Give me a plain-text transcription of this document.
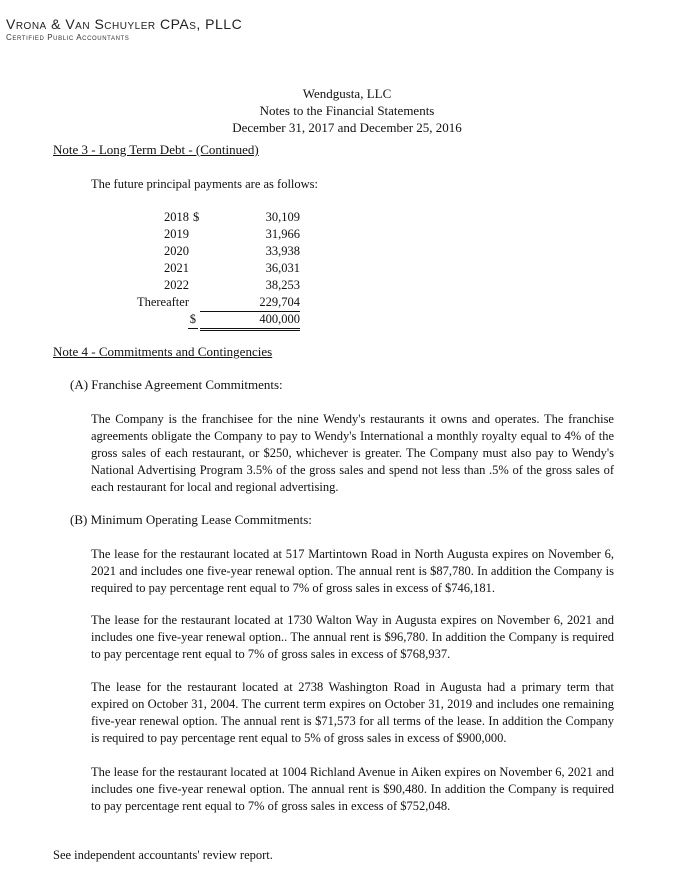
Vrona & Van Schuyler CPAs, PLLC
Certified Public Accountants
Wendgusta, LLC
Notes to the Financial Statements
December 31, 2017 and December 25, 2016
Note 3 - Long Term Debt - (Continued)
The future principal payments are as follows:
2018 $	30,109
2019	31,966
2020	33,938
2021	36,031
2022	38,253
Thereafter	229,704
$	400,000
Note 4 - Commitments and Contingencies
(A) Franchise Agreement Commitments:
The Company is the franchisee for the nine Wendy's restaurants it owns and operates. The franchise agreements obligate the Company to pay to Wendy's International a monthly royalty equal to 4% of the gross sales of each restaurant, or $250, whichever is greater. The Company must also pay to Wendy's National Advertising Program 3.5% of the gross sales and spend not less than .5% of the gross sales of each restaurant for local and regional advertising.
(B) Minimum Operating Lease Commitments:
The lease for the restaurant located at 517 Martintown Road in North Augusta expires on November 6, 2021 and includes one five-year renewal option. The annual rent is $87,780. In addition the Company is required to pay percentage rent equal to 7% of gross sales in excess of $746,181.
The lease for the restaurant located at 1730 Walton Way in Augusta expires on November 6, 2021 and includes one five-year renewal option.. The annual rent is $96,780. In addition the Company is required to pay percentage rent equal to 7% of gross sales in excess of $768,937.
The lease for the restaurant located at 2738 Washington Road in Augusta had a primary term that expired on October 31, 2004. The current term expires on October 31, 2019 and includes one remaining five-year renewal option. The annual rent is $71,573 for all terms of the lease. In addition the Company is required to pay percentage rent equal to 5% of gross sales in excess of $900,000.
The lease for the restaurant located at 1004 Richland Avenue in Aiken expires on November 6, 2021 and includes one five-year renewal option. The annual rent is $90,480. In addition the Company is required to pay percentage rent equal to 7% of gross sales in excess of $752,048.
See independent accountants' review report.
